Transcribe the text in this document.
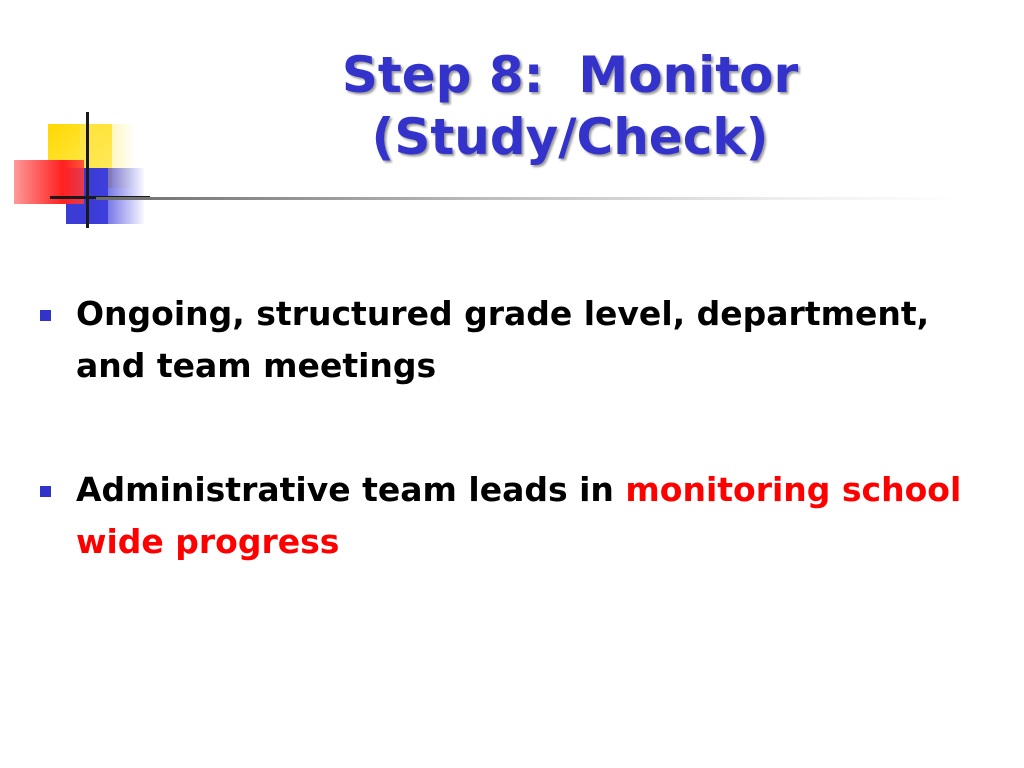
Step 8:  Monitor
(Study/Check)
Ongoing, structured grade level, department, and team meetings
Administrative team leads in monitoring school wide progress
